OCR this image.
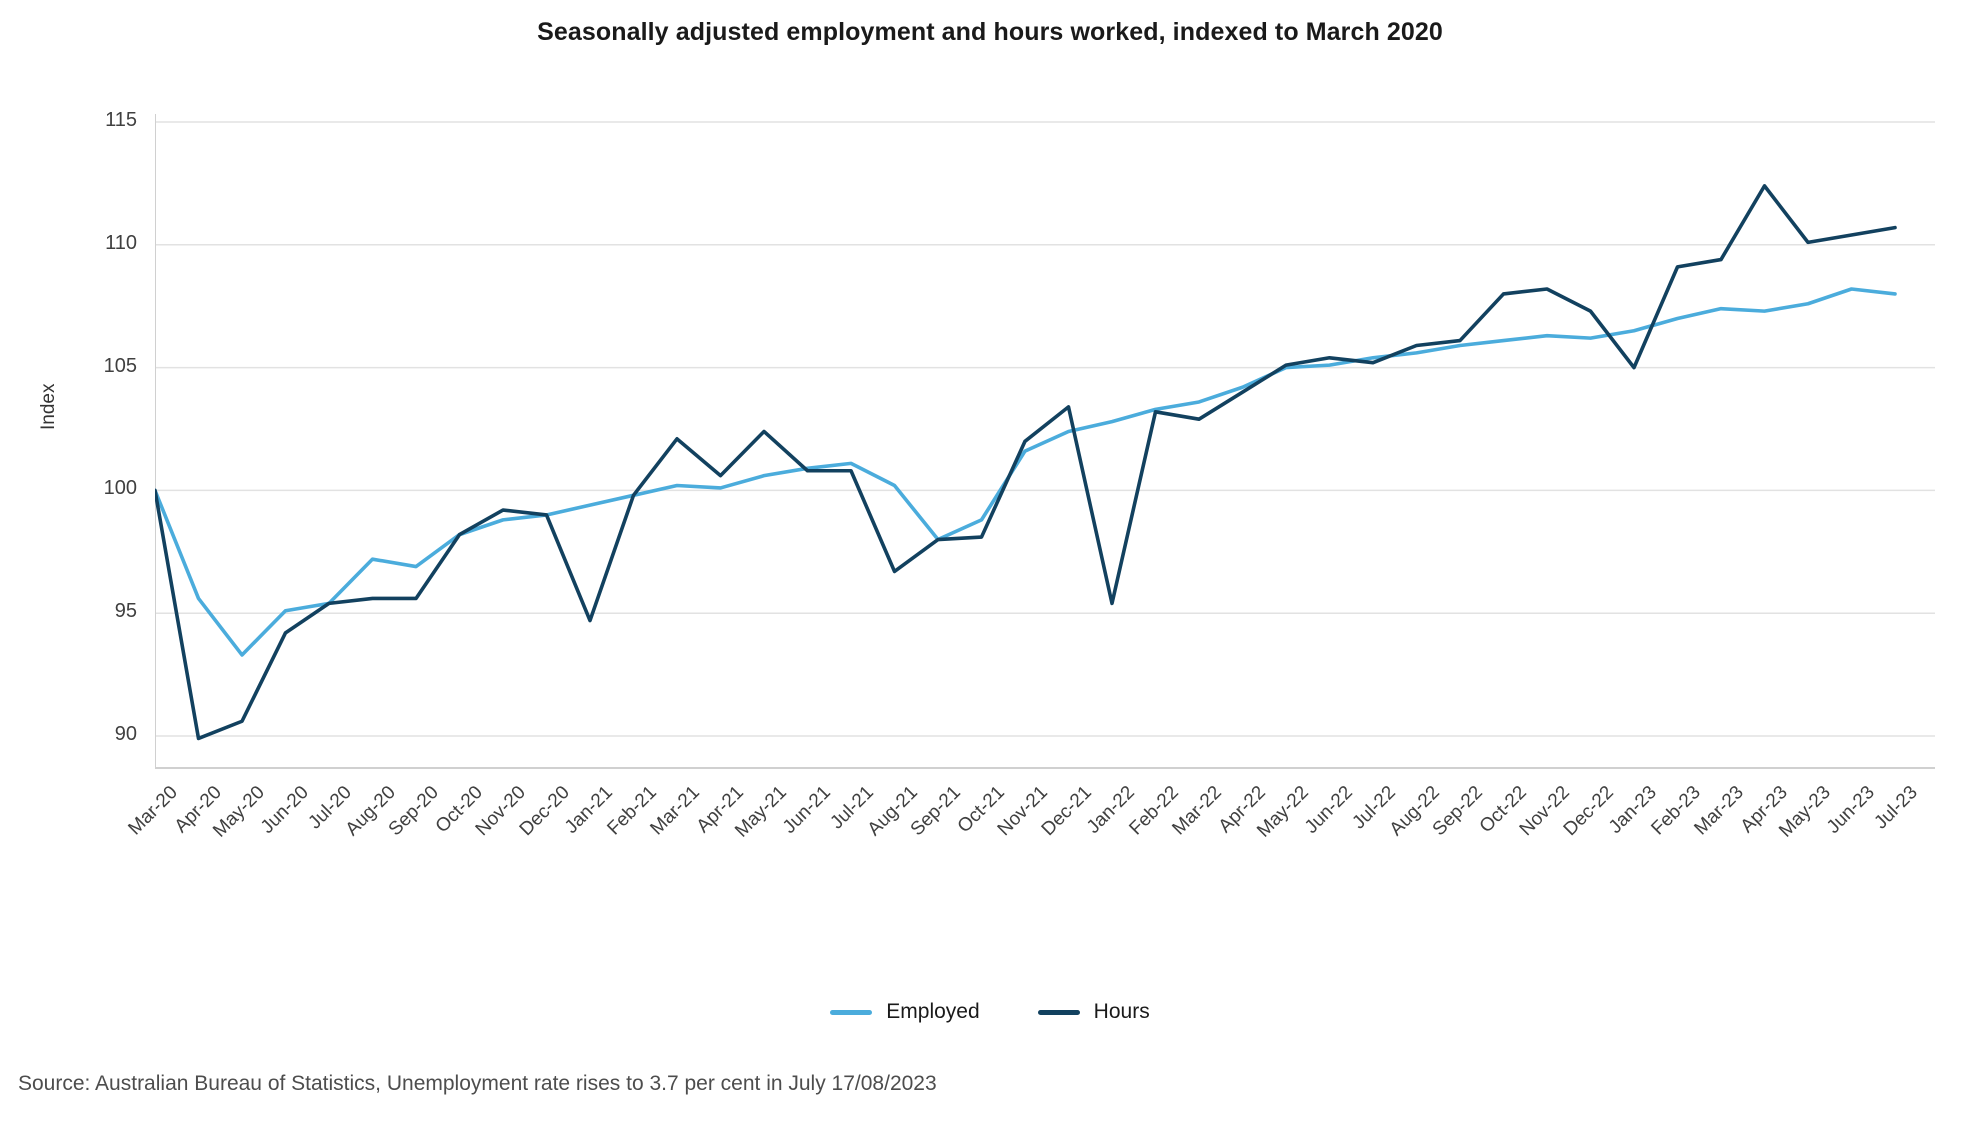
Seasonally adjusted employment and hours worked, indexed to March 2020
Index
90
95
100
105
110
115
Mar-20
Apr-20
May-20
Jun-20
Jul-20
Aug-20
Sep-20
Oct-20
Nov-20
Dec-20
Jan-21
Feb-21
Mar-21
Apr-21
May-21
Jun-21
Jul-21
Aug-21
Sep-21
Oct-21
Nov-21
Dec-21
Jan-22
Feb-22
Mar-22
Apr-22
May-22
Jun-22
Jul-22
Aug-22
Sep-22
Oct-22
Nov-22
Dec-22
Jan-23
Feb-23
Mar-23
Apr-23
May-23
Jun-23
Jul-23
Employed	Hours
Source: Australian Bureau of Statistics, Unemployment rate rises to 3.7 per cent in July 17/08/2023
